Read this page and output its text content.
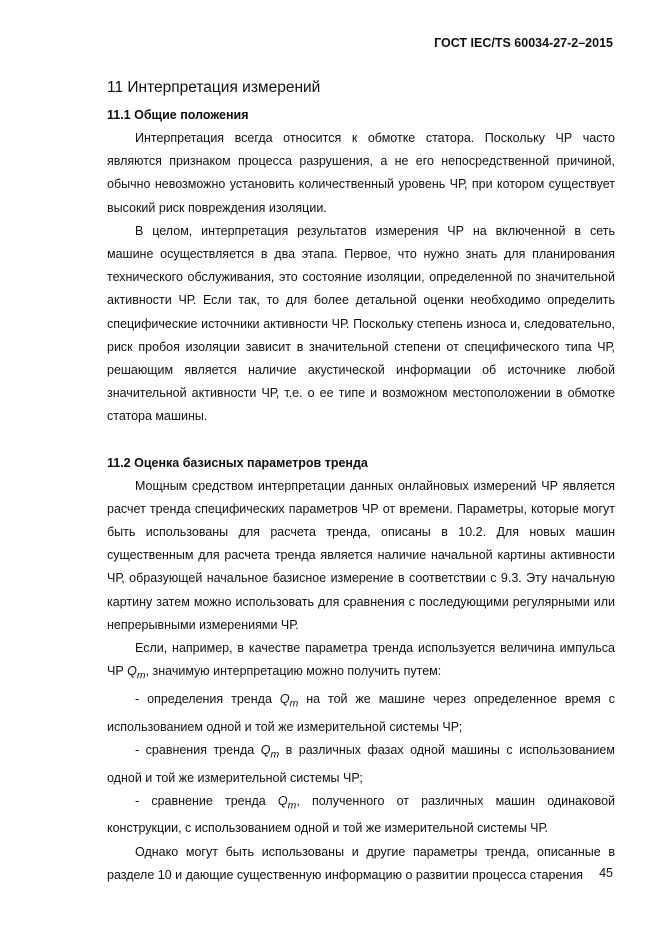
ГОСТ IEC/TS 60034-27-2–2015
11 Интерпретация измерений
11.1 Общие положения

Интерпретация всегда относится к обмотке статора. Поскольку ЧР часто являются признаком процесса разрушения, а не его непосредственной причиной, обычно невозможно установить количественный уровень ЧР, при котором существует высокий риск повреждения изоляции.

В целом, интерпретация результатов измерения ЧР на включенной в сеть машине осуществляется в два этапа. Первое, что нужно знать для планирования технического обслуживания, это состояние изоляции, определенной по значительной активности ЧР. Если так, то для более детальной оценки необходимо определить специфические источники активности ЧР. Поскольку степень износа и, следовательно, риск пробоя изоляции зависит в значительной степени от специфического типа ЧР, решающим является наличие акустической информации об источнике любой значительной активности ЧР, т.е. о ее типе и возможном местоположении в обмотке статора машины.

11.2 Оценка базисных параметров тренда

Мощным средством интерпретации данных онлайновых измерений ЧР является расчет тренда специфических параметров ЧР от времени. Параметры, которые могут быть использованы для расчета тренда, описаны в 10.2. Для новых машин существенным для расчета тренда является наличие начальной картины активности ЧР, образующей начальное базисное измерение в соответствии с 9.3. Эту начальную картину затем можно использовать для сравнения с последующими регулярными или непрерывными измерениями ЧР.

Если, например, в качестве параметра тренда используется величина импульса ЧР $Q_m$, значимую интерпретацию можно получить путем:

- определения тренда $Q_m$ на той же машине через определенное время с использованием одной и той же измерительной системы ЧР;

- сравнения тренда $Q_m$ в различных фазах одной машины с использованием одной и той же измерительной системы ЧР;

- сравнение тренда $Q_m$, полученного от различных машин одинаковой конструкции, с использованием одной и той же измерительной системы ЧР.

Однако могут быть использованы и другие параметры тренда, описанные в разделе 10 и дающие существенную информацию о развитии процесса старения	45
